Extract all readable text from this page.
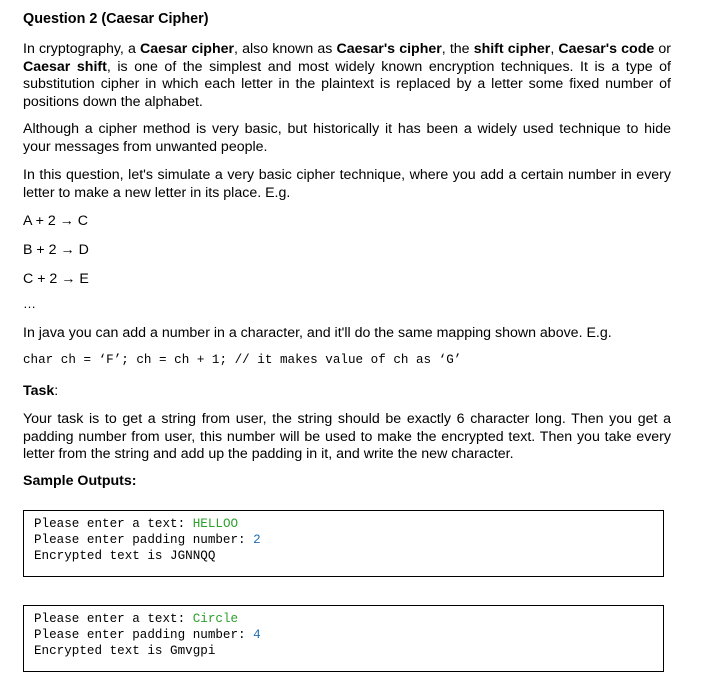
Question 2 (Caesar Cipher)

In cryptography, a Caesar cipher, also known as Caesar's cipher, the shift cipher, Caesar's code or Caesar shift, is one of the simplest and most widely known encryption techniques. It is a type of substitution cipher in which each letter in the plaintext is replaced by a letter some fixed number of positions down the alphabet.

Although a cipher method is very basic, but historically it has been a widely used technique to hide your messages from unwanted people.

In this question, let's simulate a very basic cipher technique, where you add a certain number in every letter to make a new letter in its place. E.g.

A + 2 → C
B + 2 → D
C + 2 → E
…

In java you can add a number in a character, and it'll do the same mapping shown above. E.g.

char ch = ‘F’; ch = ch + 1; // it makes value of ch as ‘G’
Task:

Your task is to get a string from user, the string should be exactly 6 character long. Then you get a padding number from user, this number will be used to make the encrypted text. Then you take every letter from the string and add up the padding in it, and write the new character.

Sample Outputs:
Please enter a text: HELLOO
Please enter padding number: 2
Encrypted text is JGNNQQ
Please enter a text: Circle
Please enter padding number: 4
Encrypted text is Gmvgpi
